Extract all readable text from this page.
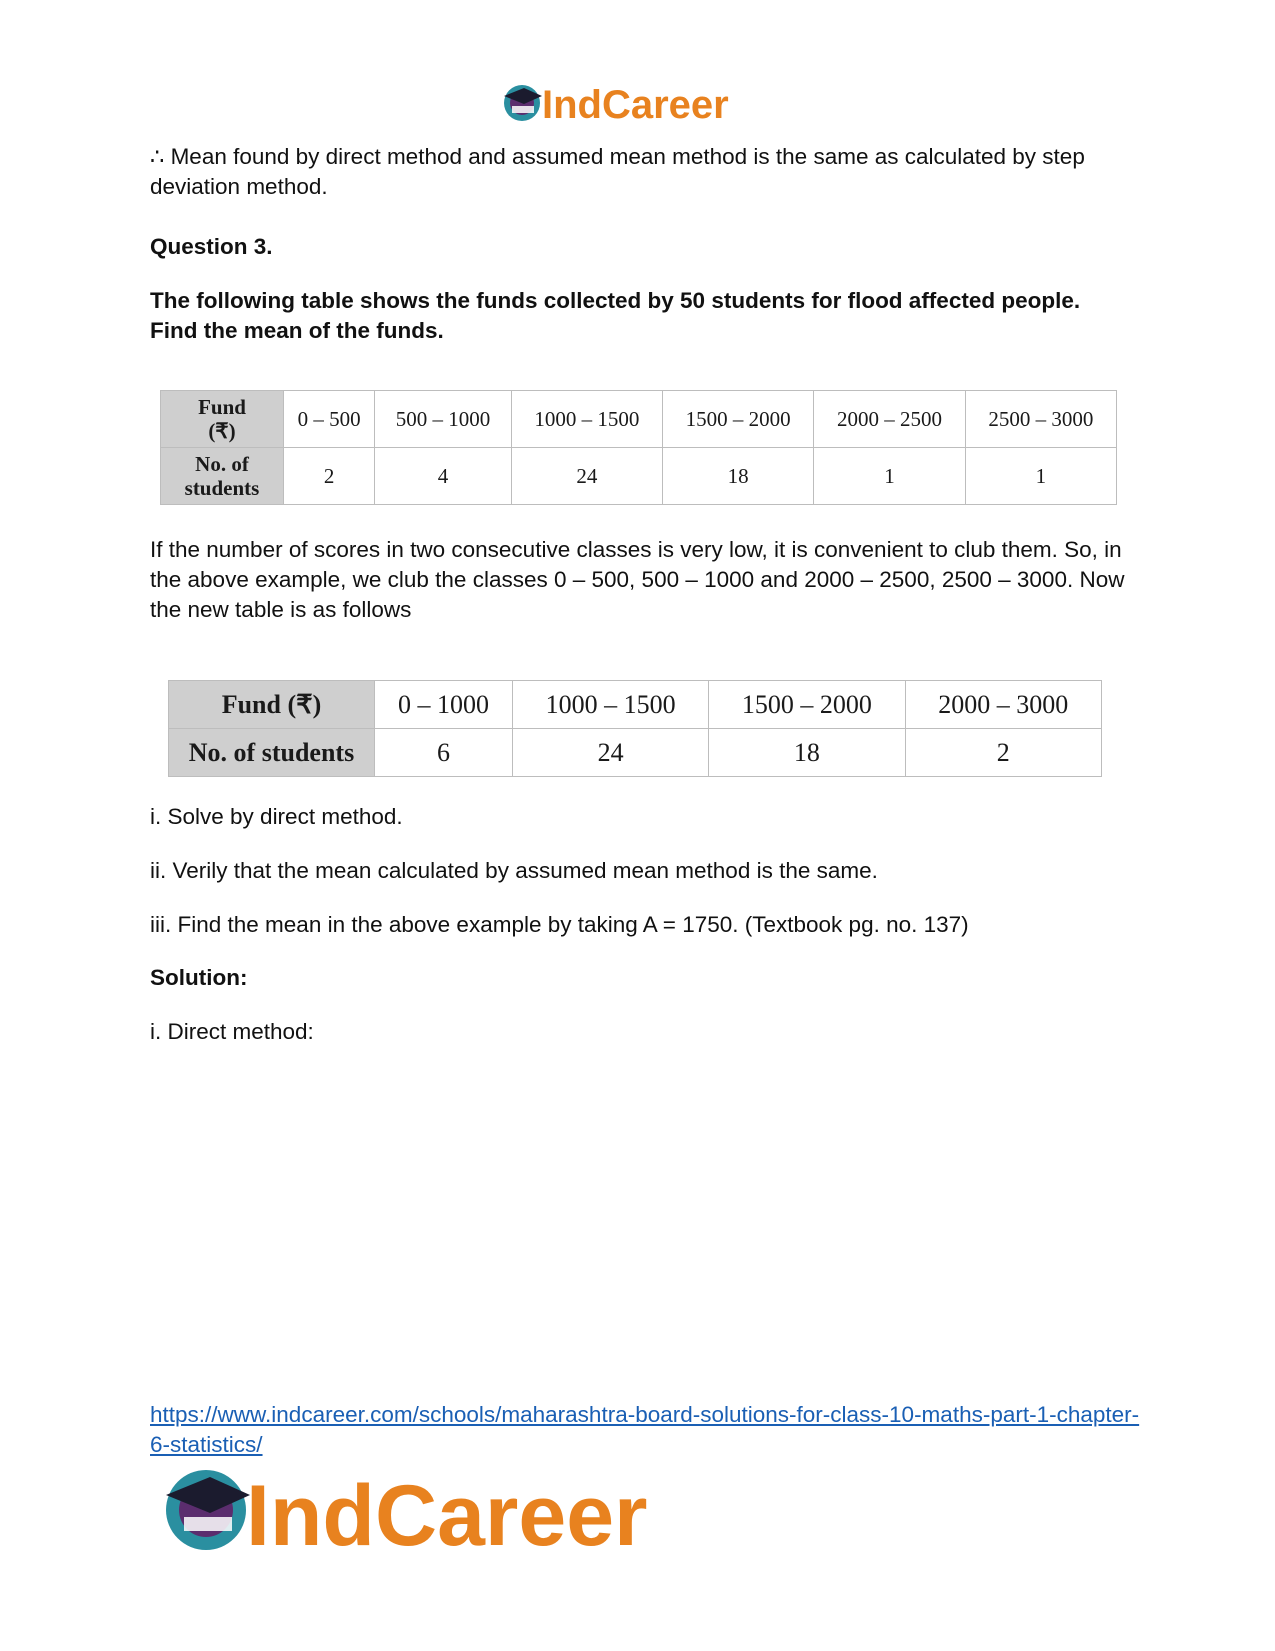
IndCareer

∴ Mean found by direct method and assumed mean method is the same as calculated by step deviation method.

Question 3.

The following table shows the funds collected by 50 students for flood affected people. Find the mean of the funds.

Fund
(₹)	0 – 500	500 – 1000	1000 – 1500	1500 – 2000	2000 – 2500	2500 – 3000

No. of
students	2	4	24	18	1	1

If the number of scores in two consecutive classes is very low, it is convenient to club them. So, in the above example, we club the classes 0 – 500, 500 – 1000 and 2000 – 2500, 2500 – 3000. Now the new table is as follows

Fund (₹)	0 – 1000	1000 – 1500	1500 – 2000	2000 – 3000
No. of students	6	24	18	2

i. Solve by direct method.

ii. Verily that the mean calculated by assumed mean method is the same.

iii. Find the mean in the above example by taking A = 1750. (Textbook pg. no. 137)

Solution:

i. Direct method:

https://www.indcareer.com/schools/maharashtra-board-solutions-for-class-10-maths-part-1-chapter-6-statistics/
IndCareer
